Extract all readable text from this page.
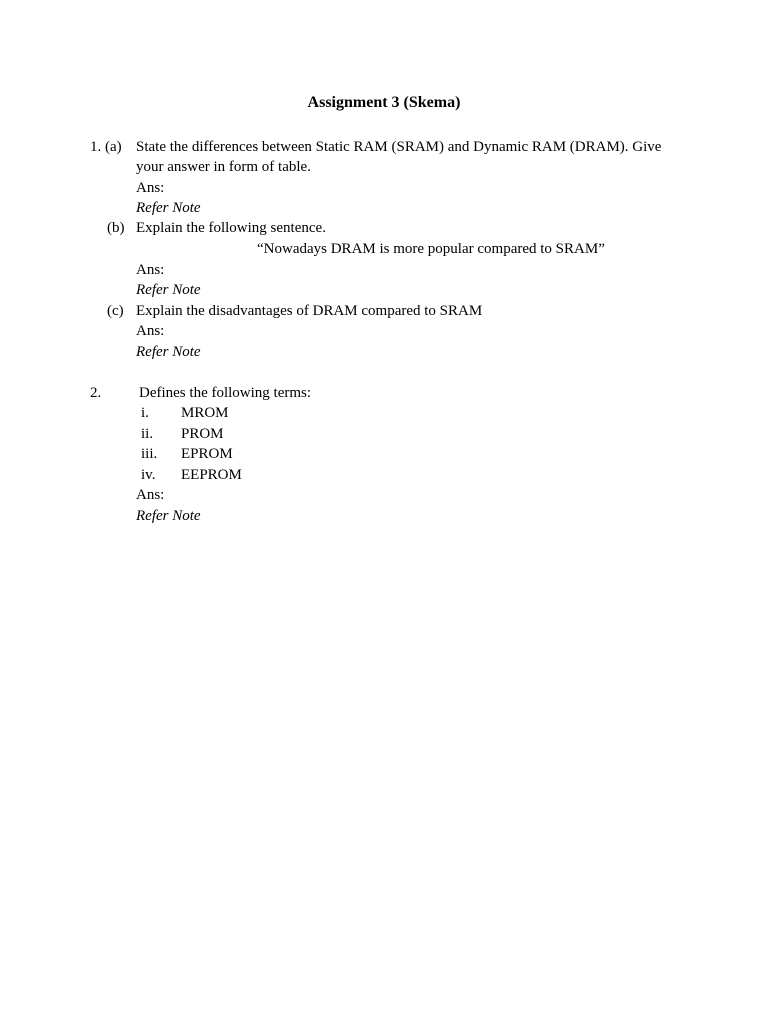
Assignment 3 (Skema)
1. (a) State the differences between Static RAM (SRAM) and Dynamic RAM (DRAM). Give
your answer in form of table.
Ans:
Refer Note
(b) Explain the following sentence.
“Nowadays DRAM is more popular compared to SRAM”
Ans:
Refer Note
(c) Explain the disadvantages of DRAM compared to SRAM
Ans:
Refer Note
2.	Defines the following terms:
i. MROM
ii. PROM
iii. EPROM
iv. EEPROM
Ans:
Refer Note
